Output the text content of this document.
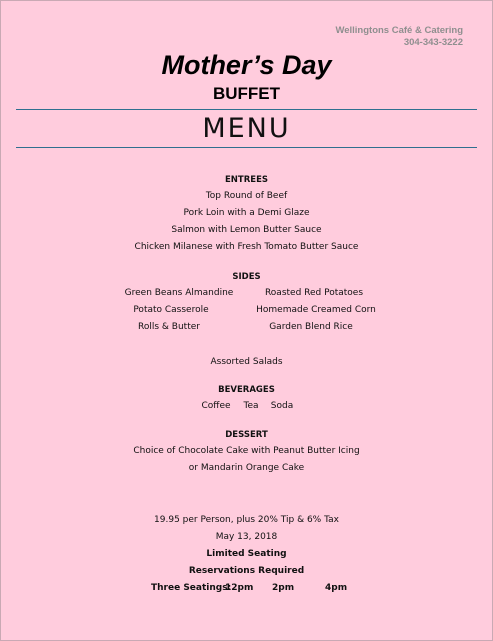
Wellingtons Café & Catering
304-343-3222
Mother’s Day
BUFFET
MENU
ENTREES
Top Round of Beef
Pork Loin with a Demi Glaze
Salmon with Lemon Butter Sauce
Chicken Milanese with Fresh Tomato Butter Sauce
SIDES
Green Beans Almandine	Roasted Red Potatoes
Potato Casserole	Homemade Creamed Corn
Rolls & Butter	Garden Blend Rice
Assorted Salads
BEVERAGES
Coffee	Tea	Soda
DESSERT
Choice of Chocolate Cake with Peanut Butter Icing
or Mandarin Orange Cake
19.95 per Person, plus 20% Tip & 6% Tax
May 13, 2018
Limited Seating
Reservations Required
Three Seatings:
12pm 2pm	4pm
